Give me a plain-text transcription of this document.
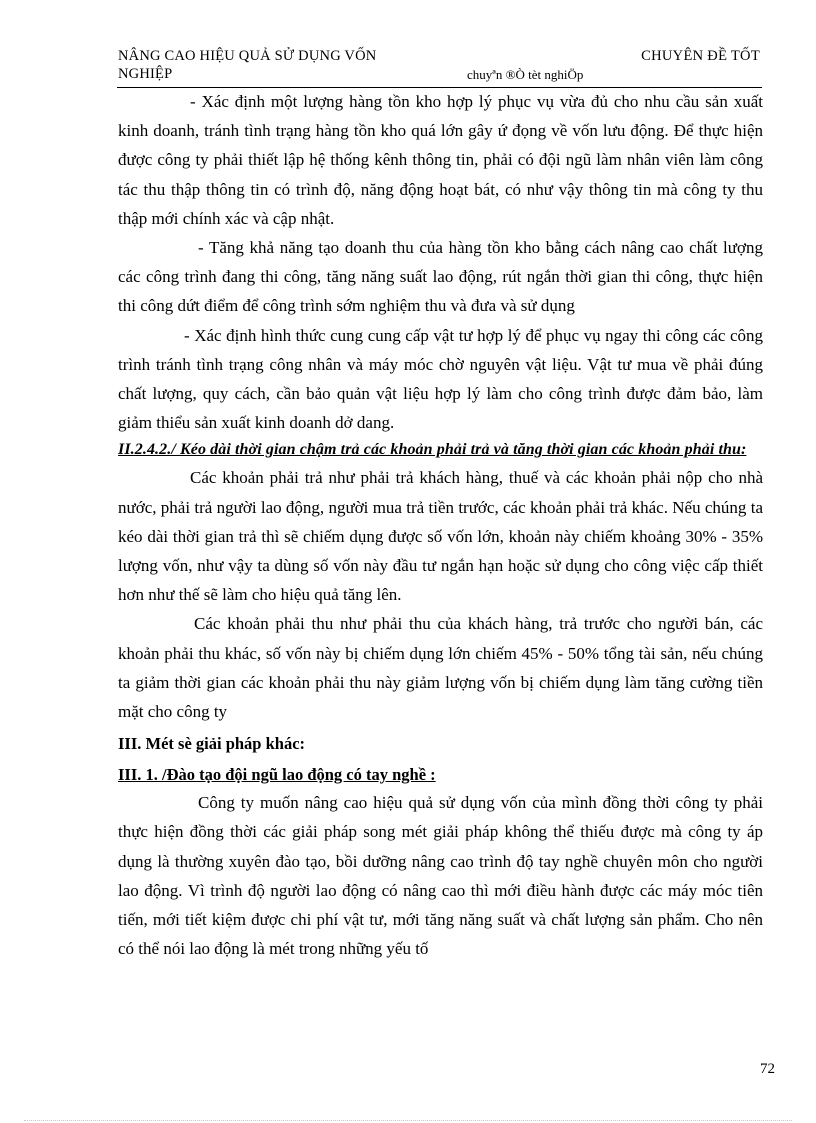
NÂNG CAO HIỆU QUẢ SỬ DỤNG VỐN
NGHIỆP
CHUYÊN ĐỀ TỐT
chuyªn ®Ò tèt nghiÖp

- Xác định một lượng hàng tồn kho hợp lý phục vụ vừa đủ cho nhu cầu sản xuất kinh doanh, tránh tình trạng hàng tồn kho quá lớn gây ứ đọng về vốn lưu động. Để thực hiện được công ty phải thiết lập hệ thống kênh thông tin, phải có đội ngũ làm nhân viên làm công tác thu thập thông tin có trình độ, năng động hoạt bát, có như vậy thông tin mà công ty thu thập mới chính xác và cập nhật.

- Tăng khả năng tạo doanh thu của hàng tồn kho bằng cách nâng cao chất lượng các công trình đang thi công, tăng năng suất lao động, rút ngắn thời gian thi công, thực hiện thi công dứt điểm để công trình sớm nghiệm thu và đưa và sử dụng

- Xác định hình thức cung cung cấp vật tư hợp lý để phục vụ ngay thi công các công trình tránh tình trạng công nhân và máy móc chờ nguyên vật liệu. Vật tư mua về phải đúng chất lượng, quy cách, cần bảo quản vật liệu hợp lý làm cho công trình được đảm bảo, làm giảm thiểu sản xuất kinh doanh dở dang.

II.2.4.2./ Kéo dài thời gian chậm trả các khoản phải trả và tăng thời gian các khoản phải thu:

Các khoản phải trả như phải trả khách hàng, thuế và các khoản phải nộp cho nhà nước, phải trả người lao động, người mua trả tiền trước, các khoản phải trả khác. Nếu chúng ta kéo dài thời gian trả thì sẽ chiếm dụng được số vốn lớn, khoản này chiếm khoảng 30% - 35% lượng vốn, như vậy ta dùng số vốn này đầu tư ngắn hạn hoặc sử dụng cho công việc cấp thiết hơn như thế sẽ làm cho hiệu quả tăng lên.

Các khoản phải thu như phải thu của khách hàng, trả trước cho người bán, các khoản phải thu khác, số vốn này bị chiếm dụng lớn chiếm 45% - 50% tổng tài sản, nếu chúng ta giảm thời gian các khoản phải thu này giảm lượng vốn bị chiếm dụng làm tăng cường tiền mặt cho công ty

III. Mét sè giải pháp khác:

III. 1. /Đào tạo đội ngũ lao động có tay nghề :

Công ty muốn nâng cao hiệu quả sử dụng vốn của mình đồng thời công ty phải thực hiện đồng thời các giải pháp song mét giải pháp không thể thiếu được mà công ty áp dụng là thường xuyên đào tạo, bồi dưỡng nâng cao trình độ tay nghề chuyên môn cho người lao động. Vì trình độ người lao động có nâng cao thì mới điều hành được các máy móc tiên tiến, mới tiết kiệm được chi phí vật tư, mới tăng năng suất và chất lượng sản phẩm. Cho nên có thể nói lao động là mét trong những yếu tố

72
